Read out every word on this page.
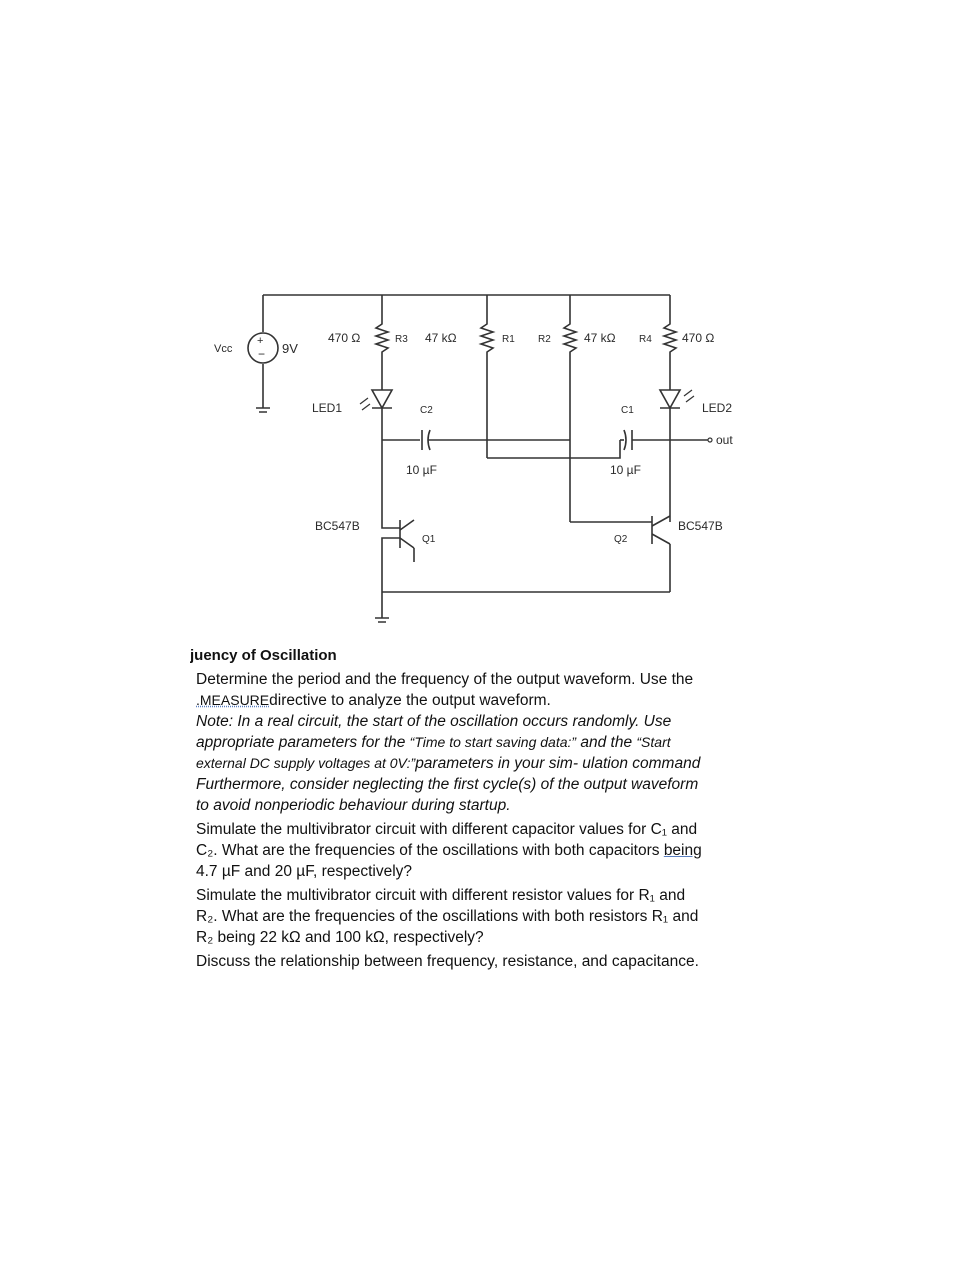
+
−
Vcc	9V
470 Ω	R3
LED1
47 kΩ	R1 R2	47 kΩ R4	470 Ω
LED2
C2
10 µF
C1
10 µF
out
BC547B
Q1	Q2
BC547B
juency of Oscillation
Determine the period and the frequency of the output waveform. Use the
.MEASUREdirective to analyze the output waveform.
Note: In a real circuit, the start of the oscillation occurs randomly. Use
appropriate parameters for the “Time to start saving data:” and the “Start
external DC supply voltages at 0V:”parameters in your sim- ulation command
Furthermore, consider neglecting the first cycle(s) of the output waveform
to avoid nonperiodic behaviour during startup.
Simulate the multivibrator circuit with different capacitor values for C₁ and
C₂. What are the frequencies of the oscillations with both capacitors being
4.7 µF and 20 µF, respectively?
Simulate the multivibrator circuit with different resistor values for R₁ and
R₂. What are the frequencies of the oscillations with both resistors R₁ and
R₂ being 22 kΩ and 100 kΩ, respectively?
Discuss the relationship between frequency, resistance, and capacitance.
